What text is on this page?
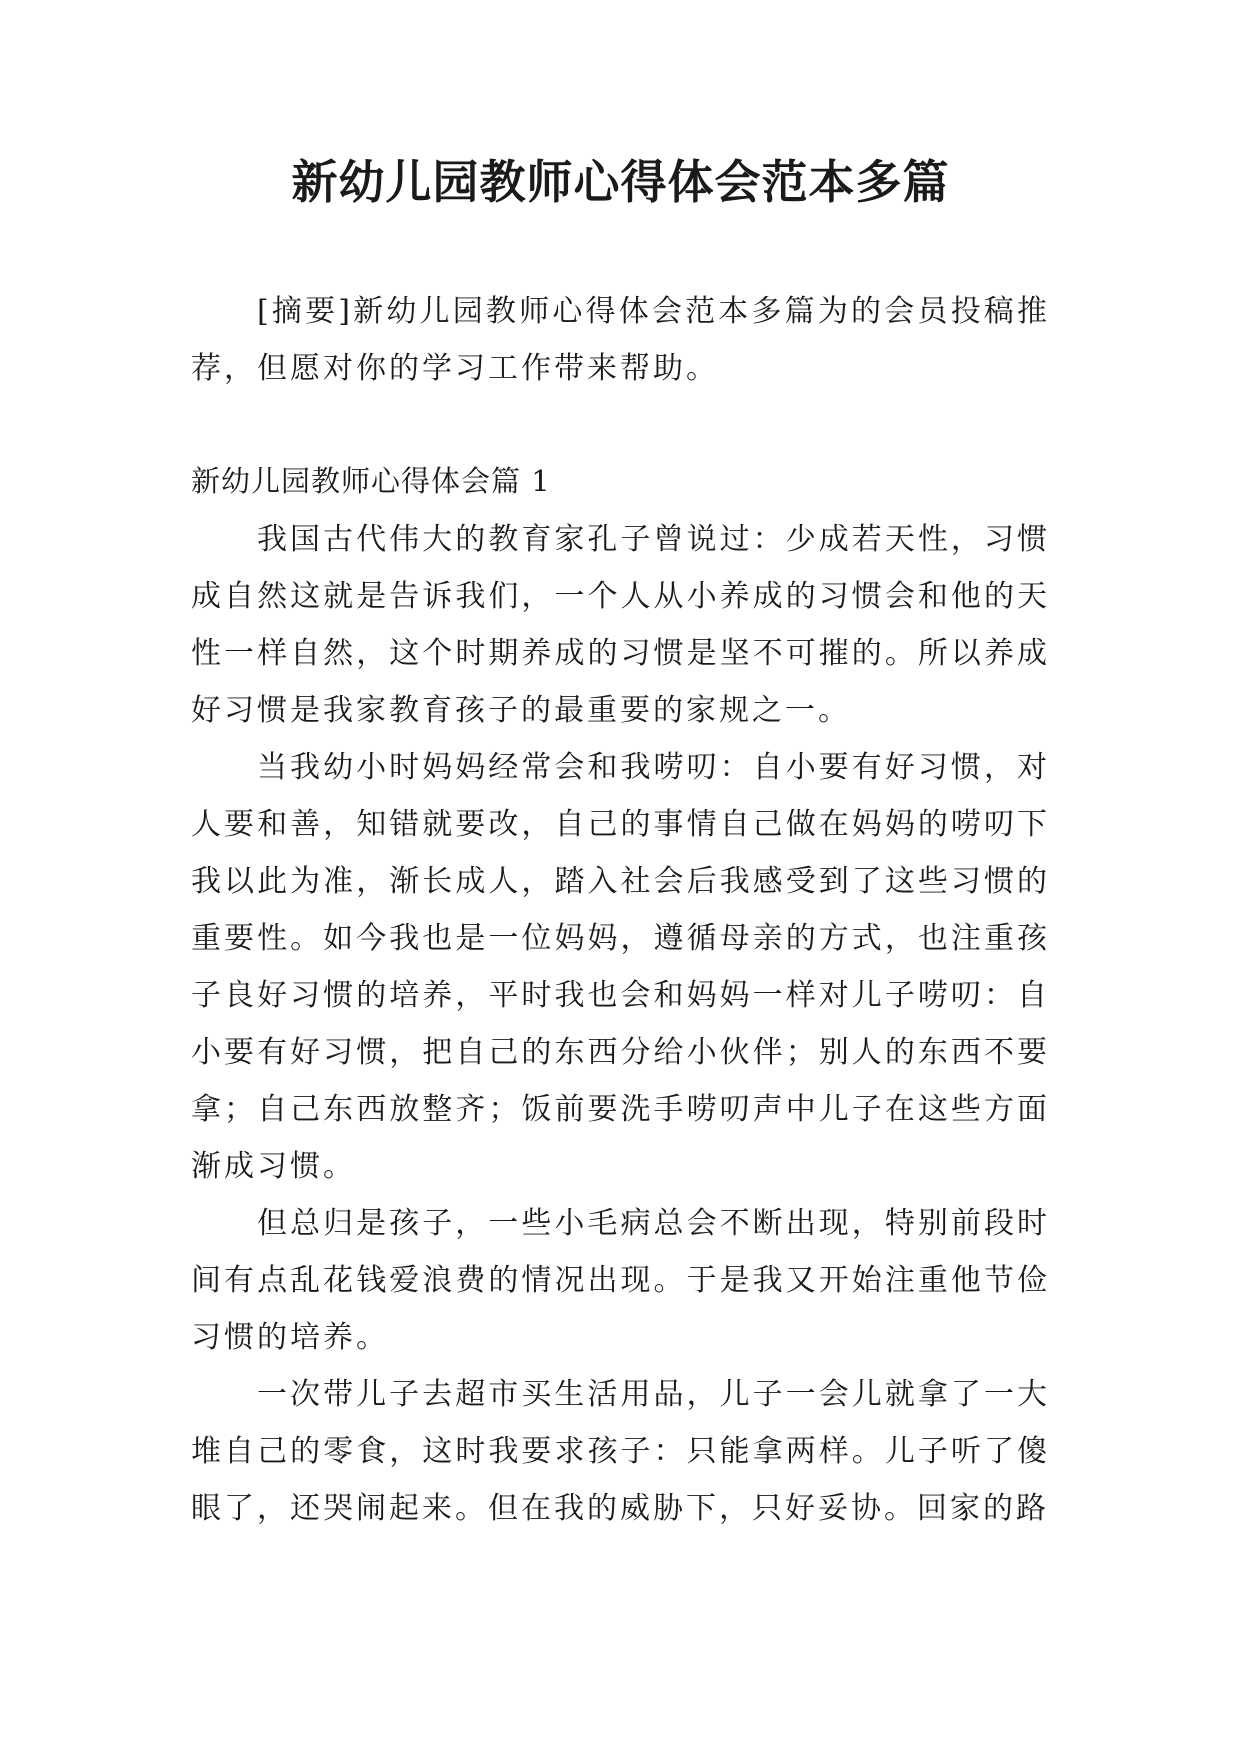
新幼儿园教师心得体会范本多篇

[摘要]新幼儿园教师心得体会范本多篇为的会员投稿推荐，但愿对你的学习工作带来帮助。

新幼儿园教师心得体会篇 1

我国古代伟大的教育家孔子曾说过：少成若天性，习惯成自然这就是告诉我们，一个人从小养成的习惯会和他的天性一样自然，这个时期养成的习惯是坚不可摧的。所以养成好习惯是我家教育孩子的最重要的家规之一。

当我幼小时妈妈经常会和我唠叨：自小要有好习惯，对人要和善，知错就要改，自己的事情自己做在妈妈的唠叨下我以此为准，渐长成人，踏入社会后我感受到了这些习惯的重要性。如今我也是一位妈妈，遵循母亲的方式，也注重孩子良好习惯的培养，平时我也会和妈妈一样对儿子唠叨：自小要有好习惯，把自己的东西分给小伙伴；别人的东西不要拿；自己东西放整齐；饭前要洗手唠叨声中儿子在这些方面渐成习惯。

但总归是孩子，一些小毛病总会不断出现，特别前段时间有点乱花钱爱浪费的情况出现。于是我又开始注重他节俭习惯的培养。

一次带儿子去超市买生活用品，儿子一会儿就拿了一大堆自己的零食，这时我要求孩子：只能拿两样。儿子听了傻眼了，还哭闹起来。但在我的威胁下，只好妥协。回家的路
